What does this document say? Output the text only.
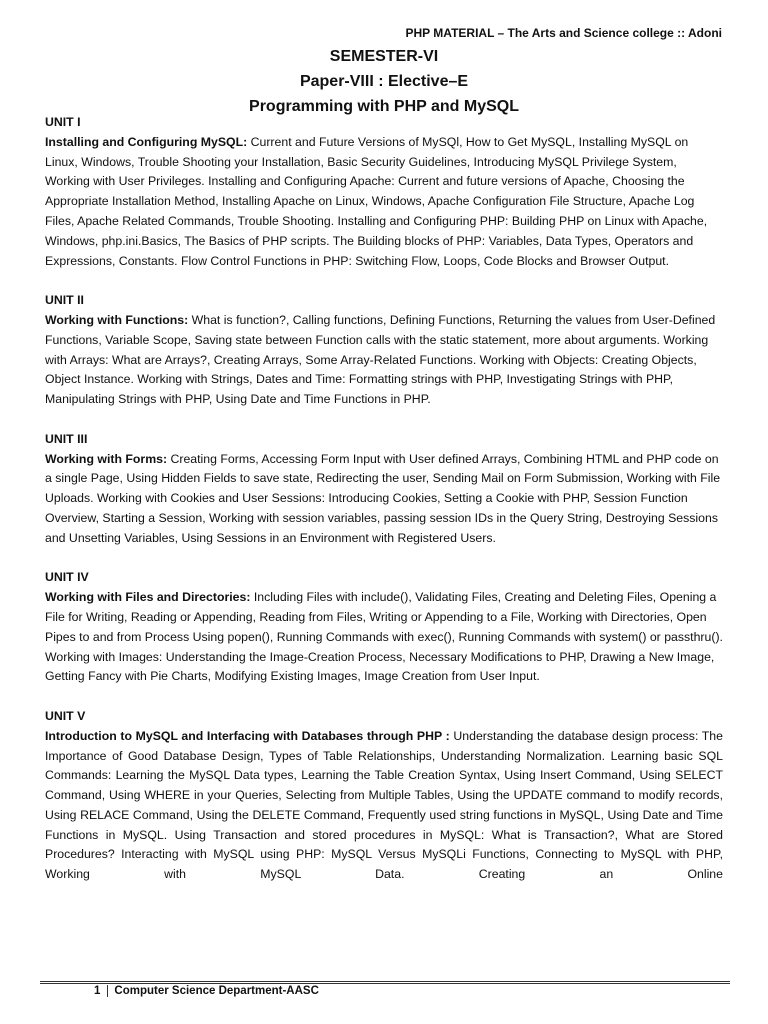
PHP MATERIAL – The Arts and Science college :: Adoni
SEMESTER-VI
Paper-VIII : Elective–E
Programming with PHP and MySQL

UNIT I

Installing and Configuring MySQL: Current and Future Versions of MySQl, How to Get MySQL, Installing MySQL on Linux, Windows, Trouble Shooting your Installation, Basic Security Guidelines, Introducing MySQL Privilege System, Working with User Privileges. Installing and Configuring Apache: Current and future versions of Apache, Choosing the Appropriate Installation Method, Installing Apache on Linux, Windows, Apache Configuration File Structure, Apache Log Files, Apache Related Commands, Trouble Shooting. Installing and Configuring PHP: Building PHP on Linux with Apache, Windows, php.ini.Basics, The Basics of PHP scripts. The Building blocks of PHP: Variables, Data Types, Operators and Expressions, Constants. Flow Control Functions in PHP: Switching Flow, Loops, Code Blocks and Browser Output.

UNIT II

Working with Functions: What is function?, Calling functions, Defining Functions, Returning the values from User-Defined Functions, Variable Scope, Saving state between Function calls with the static statement, more about arguments. Working with Arrays: What are Arrays?, Creating Arrays, Some Array-Related Functions. Working with Objects: Creating Objects, Object Instance. Working with Strings, Dates and Time: Formatting strings with PHP, Investigating Strings with PHP, Manipulating Strings with PHP, Using Date and Time Functions in PHP.

UNIT III

Working with Forms: Creating Forms, Accessing Form Input with User defined Arrays, Combining HTML and PHP code on a single Page, Using Hidden Fields to save state, Redirecting the user, Sending Mail on Form Submission, Working with File Uploads. Working with Cookies and User Sessions: Introducing Cookies, Setting a Cookie with PHP, Session Function Overview, Starting a Session, Working with session variables, passing session IDs in the Query String, Destroying Sessions and Unsetting Variables, Using Sessions in an Environment with Registered Users.

UNIT IV

Working with Files and Directories: Including Files with include(), Validating Files, Creating and Deleting Files, Opening a File for Writing, Reading or Appending, Reading from Files, Writing or Appending to a File, Working with Directories, Open Pipes to and from Process Using popen(), Running Commands with exec(), Running Commands with system() or passthru(). Working with Images: Understanding the Image-Creation Process, Necessary Modifications to PHP, Drawing a New Image, Getting Fancy with Pie Charts, Modifying Existing Images, Image Creation from User Input.

UNIT V

Introduction to MySQL and Interfacing with Databases through PHP : Understanding the database design process: The Importance of Good Database Design, Types of Table Relationships, Understanding Normalization. Learning basic SQL Commands: Learning the MySQL Data types, Learning the Table Creation Syntax, Using Insert Command, Using SELECT Command, Using WHERE in your Queries, Selecting from Multiple Tables, Using the UPDATE command to modify records, Using RELACE Command, Using the DELETE Command, Frequently used string functions in MySQL, Using Date and Time Functions in MySQL. Using Transaction and stored procedures in MySQL: What is Transaction?, What are Stored Procedures? Interacting with MySQL using PHP: MySQL Versus MySQLi Functions, Connecting to MySQL with PHP, Working with MySQL Data. Creating an Online

1	Computer Science Department-AASC
